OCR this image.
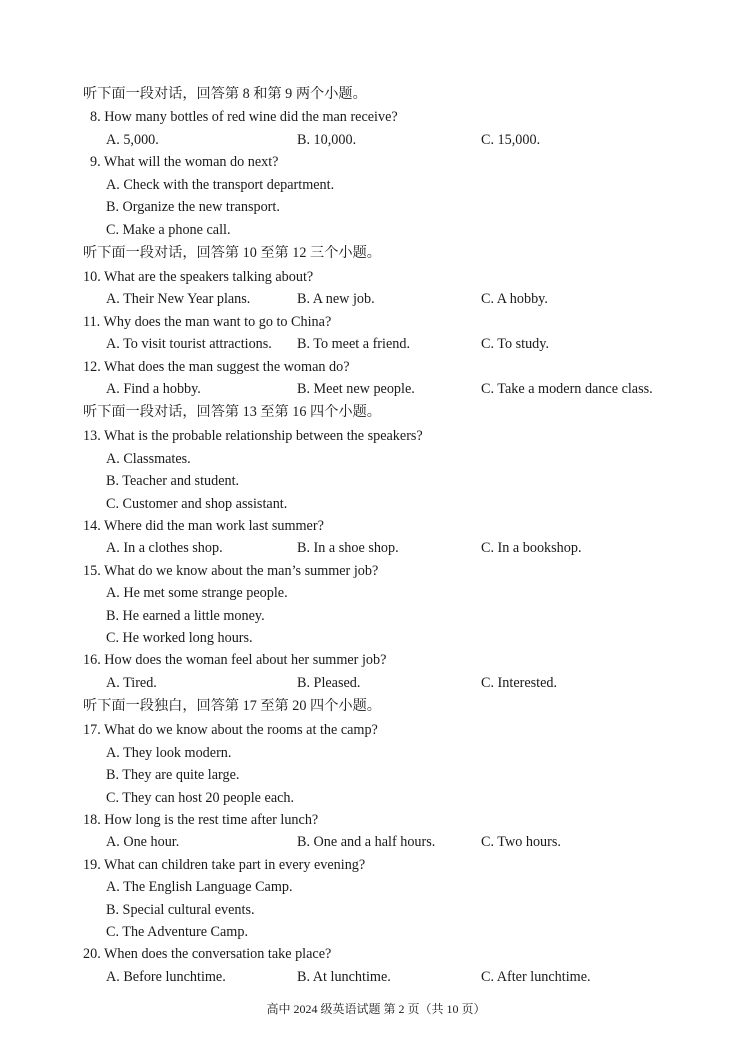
听下面一段对话，回答第 8 和第 9 两个小题。
8. How many bottles of red wine did the man receive?
A. 5,000.	B. 10,000.	C. 15,000.
9. What will the woman do next?
A. Check with the transport department.
B. Organize the new transport.
C. Make a phone call.
听下面一段对话，回答第 10 至第 12 三个小题。
10. What are the speakers talking about?
A. Their New Year plans.	B. A new job.	C. A hobby.
11. Why does the man want to go to China?
A. To visit tourist attractions. B. To meet a friend.	C. To study.
12. What does the man suggest the woman do?
A. Find a hobby.	B. Meet new people.	C. Take a modern dance class.
听下面一段对话，回答第 13 至第 16 四个小题。
13. What is the probable relationship between the speakers?
A. Classmates.
B. Teacher and student.
C. Customer and shop assistant.
14. Where did the man work last summer?
A. In a clothes shop.	B. In a shoe shop.	C. In a bookshop.
15. What do we know about the man’s summer job?
A. He met some strange people.
B. He earned a little money.
C. He worked long hours.
16. How does the woman feel about her summer job?
A. Tired.	B. Pleased.	C. Interested.
听下面一段独白，回答第 17 至第 20 四个小题。
17. What do we know about the rooms at the camp?
A. They look modern.
B. They are quite large.
C. They can host 20 people each.
18. How long is the rest time after lunch?
A. One hour.	B. One and a half hours.	C. Two hours.
19. What can children take part in every evening?
A. The English Language Camp.
B. Special cultural events.
C. The Adventure Camp.
20. When does the conversation take place?
A. Before lunchtime.	B. At lunchtime.	C. After lunchtime.
高中 2024 级英语试题 第 2 页（共 10 页）
